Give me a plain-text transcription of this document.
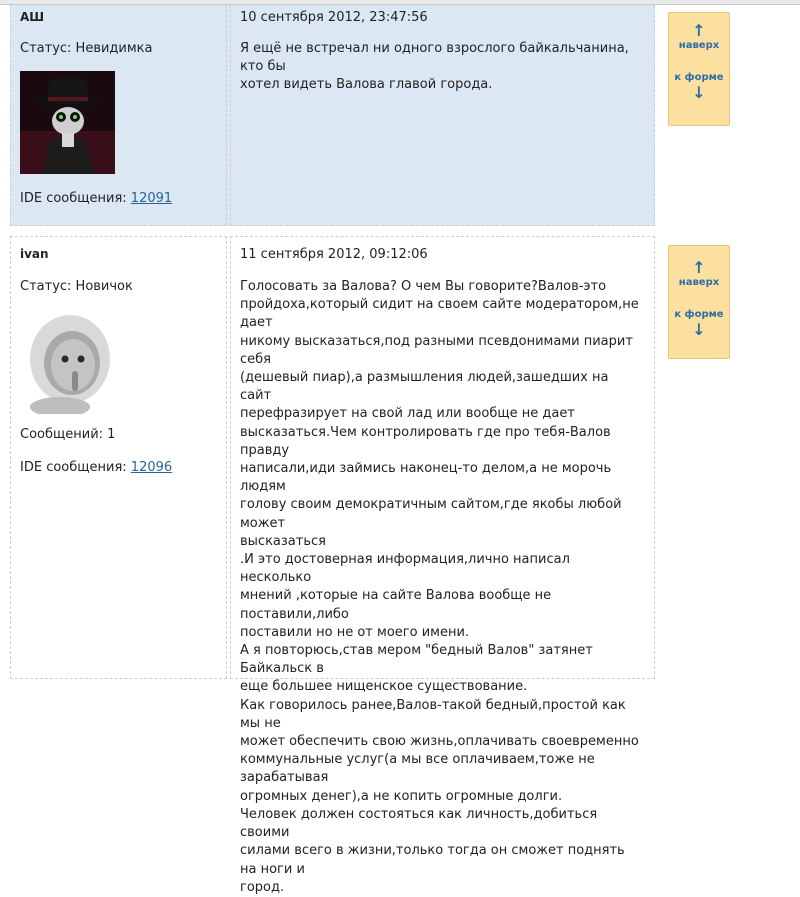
АШ
Статус: Невидимка
IDE сообщения: 12091
10 сентября 2012, 23:47:56
Я ещё не встречал ни одного взрослого байкальчанина, кто бы
хотел видеть Валова главой города.
↑
наверх
к форме
↓
ivan
Статус: Новичок
Сообщений: 1
IDE сообщения: 12096
11 сентября 2012, 09:12:06
Голосовать за Валова? О чем Вы говорите?Валов-это
пройдоха,который сидит на своем сайте модератором,не дает
никому высказаться,под разными псевдонимами пиарит себя
(дешевый пиар),а размышления людей,зашедших на сайт
перефразирует на свой лад или вообще не дает
высказаться.Чем контролировать где про тебя-Валов правду
написали,иди займись наконец-то делом,а не морочь людям
голову своим демократичным сайтом,где якобы любой может
высказаться
.И это достоверная информация,лично написал несколько
мнений ,которые на сайте Валова вообще не поставили,либо
поставили но не от моего имени.
А я повторюсь,став мером "бедный Валов" затянет Байкальск в
еще большее нищенское существование.
Как говорилось ранее,Валов-такой бедный,простой как мы не
может обеспечить свою жизнь,оплачивать своевременно
коммунальные услуг(а мы все оплачиваем,тоже не зарабатывая
огромных денег),а не копить огромные долги.
Человек должен состояться как личность,добиться своими
силами всего в жизни,только тогда он сможет поднять на ноги и
город.
↑
наверх
к форме
↓
